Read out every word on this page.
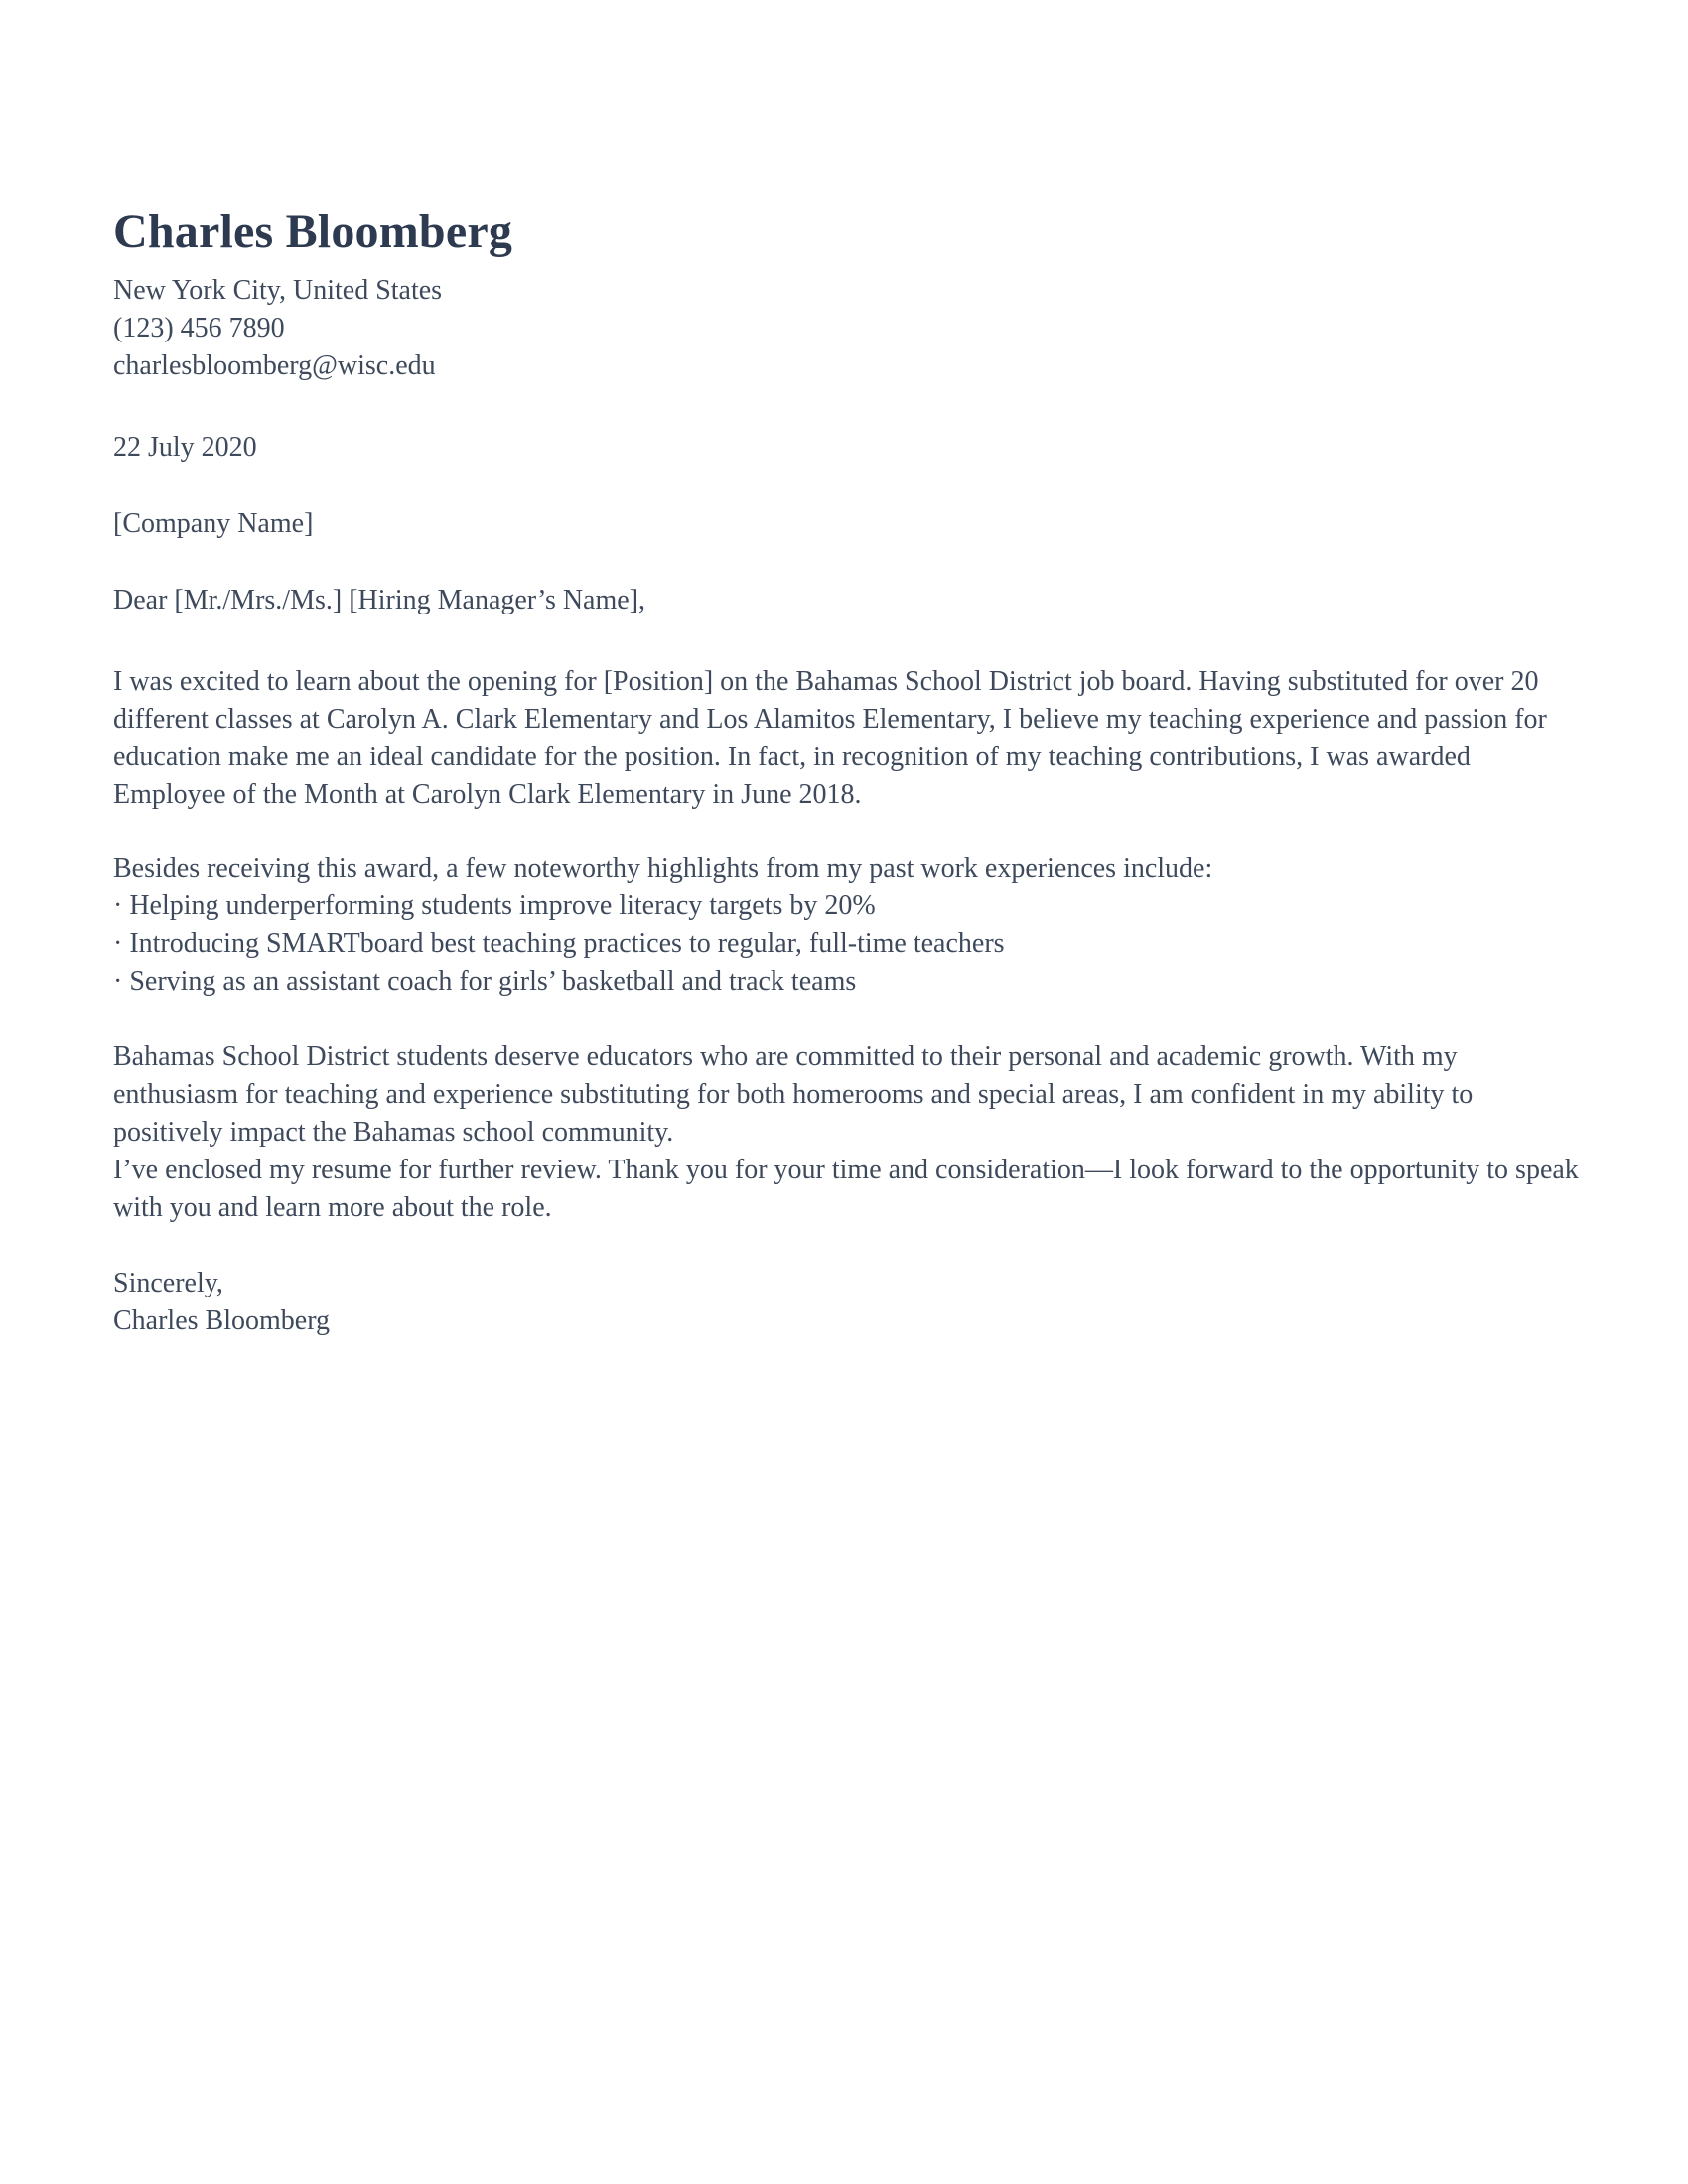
Charles Bloomberg
New York City, United States
(123) 456 7890
charlesbloomberg@wisc.edu
22 July 2020
[Company Name]
Dear [Mr./Mrs./Ms.] [Hiring Manager’s Name],
I was excited to learn about the opening for [Position] on the Bahamas School District job board. Having substituted for over 20 different classes at Carolyn A. Clark Elementary and Los Alamitos Elementary, I believe my teaching experience and passion for education make me an ideal candidate for the position. In fact, in recognition of my teaching contributions, I was awarded Employee of the Month at Carolyn Clark Elementary in June 2018.
Besides receiving this award, a few noteworthy highlights from my past work experiences include:
· Helping underperforming students improve literacy targets by 20%
· Introducing SMARTboard best teaching practices to regular, full-time teachers
· Serving as an assistant coach for girls’ basketball and track teams
Bahamas School District students deserve educators who are committed to their personal and academic growth. With my enthusiasm for teaching and experience substituting for both homerooms and special areas, I am confident in my ability to positively impact the Bahamas school community.
I’ve enclosed my resume for further review. Thank you for your time and consideration—I look forward to the opportunity to speak with you and learn more about the role.
Sincerely,
Charles Bloomberg
